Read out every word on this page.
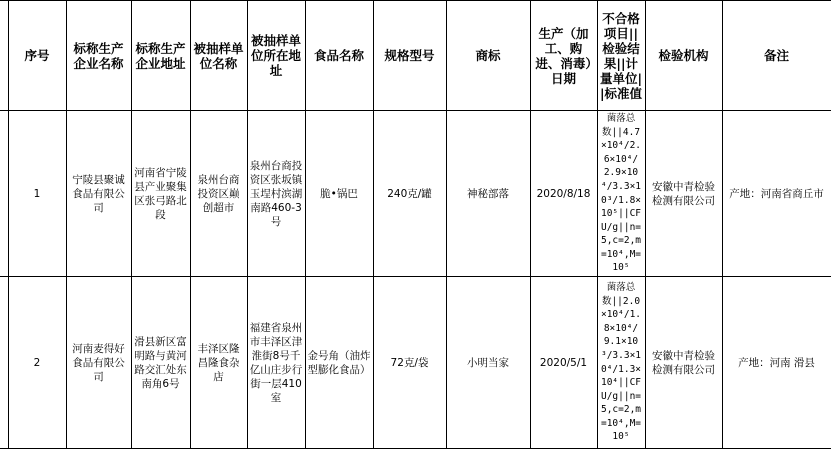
	序号	标称生产企业名称	标称生产企业地址	被抽样单位名称	被抽样单位所在地址	食品名称	规格型号	商标	生产（加工、购进、消毒）日期	不合格项目||检验结果||计量单位||标准值	检验机构	备注
	1	宁陵县聚诚食品有限公司	河南省宁陵县产业聚集区张弓路北段	泉州台商投资区巅创超市	泉州台商投资区张坂镇玉埕村滨湖南路460-3号	脆•锅巴	240克/罐	神秘部落	2020/8/18	菌落总数||4.7×10⁴/2.6×10⁴/2.9×10⁴/3.3×10³/1.8×10⁵||CFU/g||n=5,c=2,m=10⁴,M=10⁵	安徽中青检验检测有限公司	产地：河南省商丘市
	2	河南麦得好食品有限公司	滑县新区富明路与黄河路交汇处东南角6号	丰泽区隆昌隆食杂店	福建省泉州市丰泽区津淮街8号千亿山庄步行街一层410室	金号角（油炸型膨化食品）	72克/袋	小明当家	2020/5/1	菌落总数||2.0×10⁴/1.8×10⁴/9.1×10³/3.3×10⁴/1.3×10⁴||CFU/g||n=5,c=2,m=10⁴,M=10⁵	安徽中青检验检测有限公司	产地：河南 滑县
